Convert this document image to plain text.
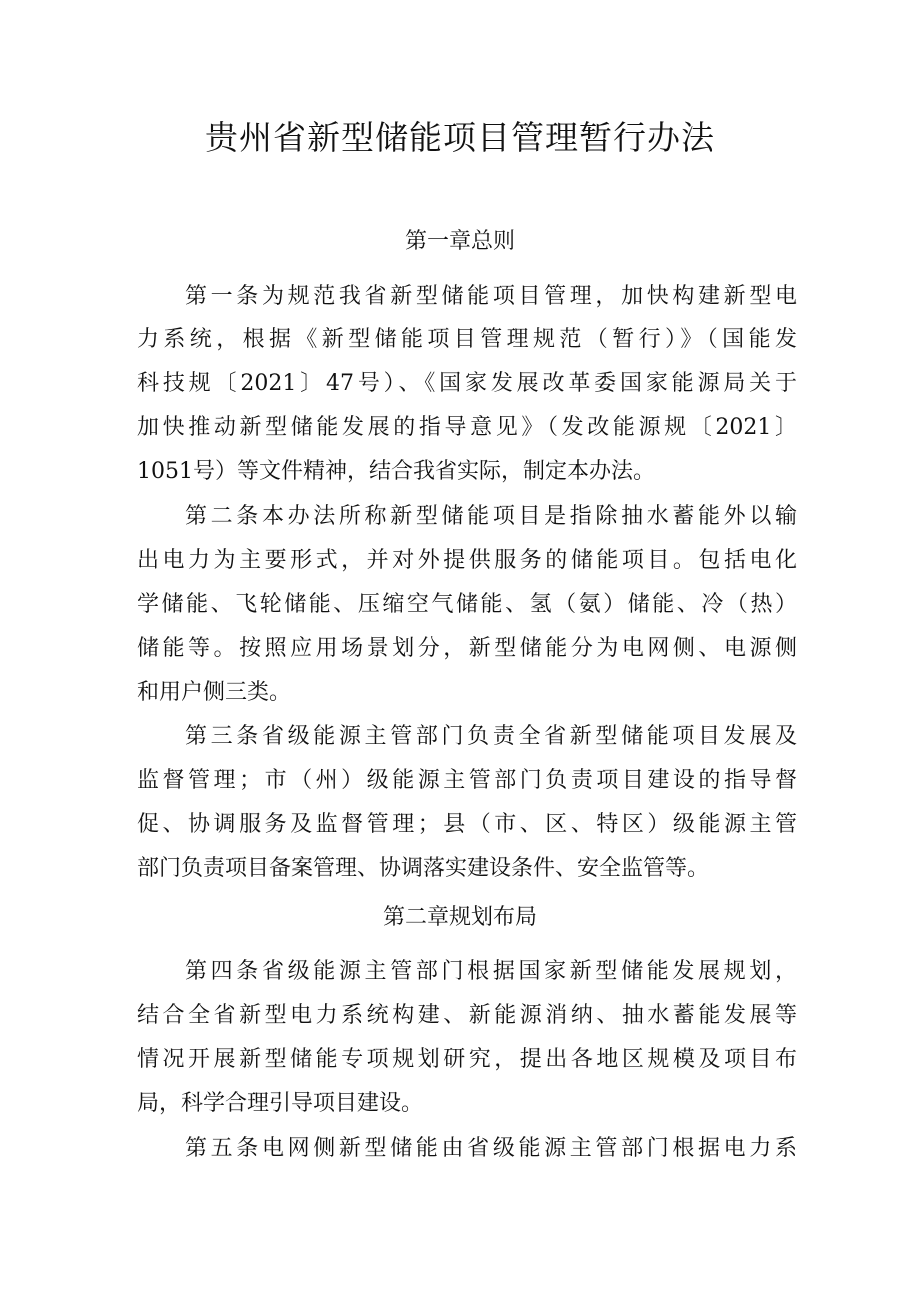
贵州省新型储能项目管理暂行办法
第一章总则
第一条为规范我省新型储能项目管理，加快构建新型电
力系统，根据《新型储能项目管理规范（暂行）》（国能发
科技规〔2021〕47号）、《国家发展改革委国家能源局关于
加快推动新型储能发展的指导意见》（发改能源规〔2021〕
1051号）等文件精神，结合我省实际，制定本办法。
第二条本办法所称新型储能项目是指除抽水蓄能外以输
出电力为主要形式，并对外提供服务的储能项目。包括电化
学储能、飞轮储能、压缩空气储能、氢（氨）储能、冷（热）
储能等。按照应用场景划分，新型储能分为电网侧、电源侧
和用户侧三类。
第三条省级能源主管部门负责全省新型储能项目发展及
监督管理；市（州）级能源主管部门负责项目建设的指导督
促、协调服务及监督管理；县（市、区、特区）级能源主管
部门负责项目备案管理、协调落实建设条件、安全监管等。
第二章规划布局
第四条省级能源主管部门根据国家新型储能发展规划，
结合全省新型电力系统构建、新能源消纳、抽水蓄能发展等
情况开展新型储能专项规划研究，提出各地区规模及项目布
局，科学合理引导项目建设。
第五条电网侧新型储能由省级能源主管部门根据电力系
